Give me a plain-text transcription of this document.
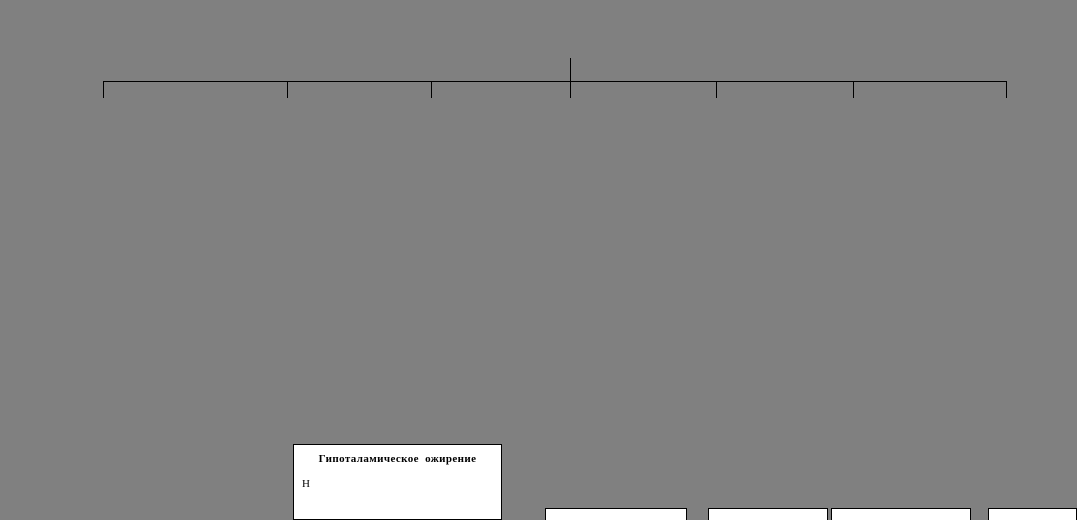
Гипоталамическое ожирение
Н
